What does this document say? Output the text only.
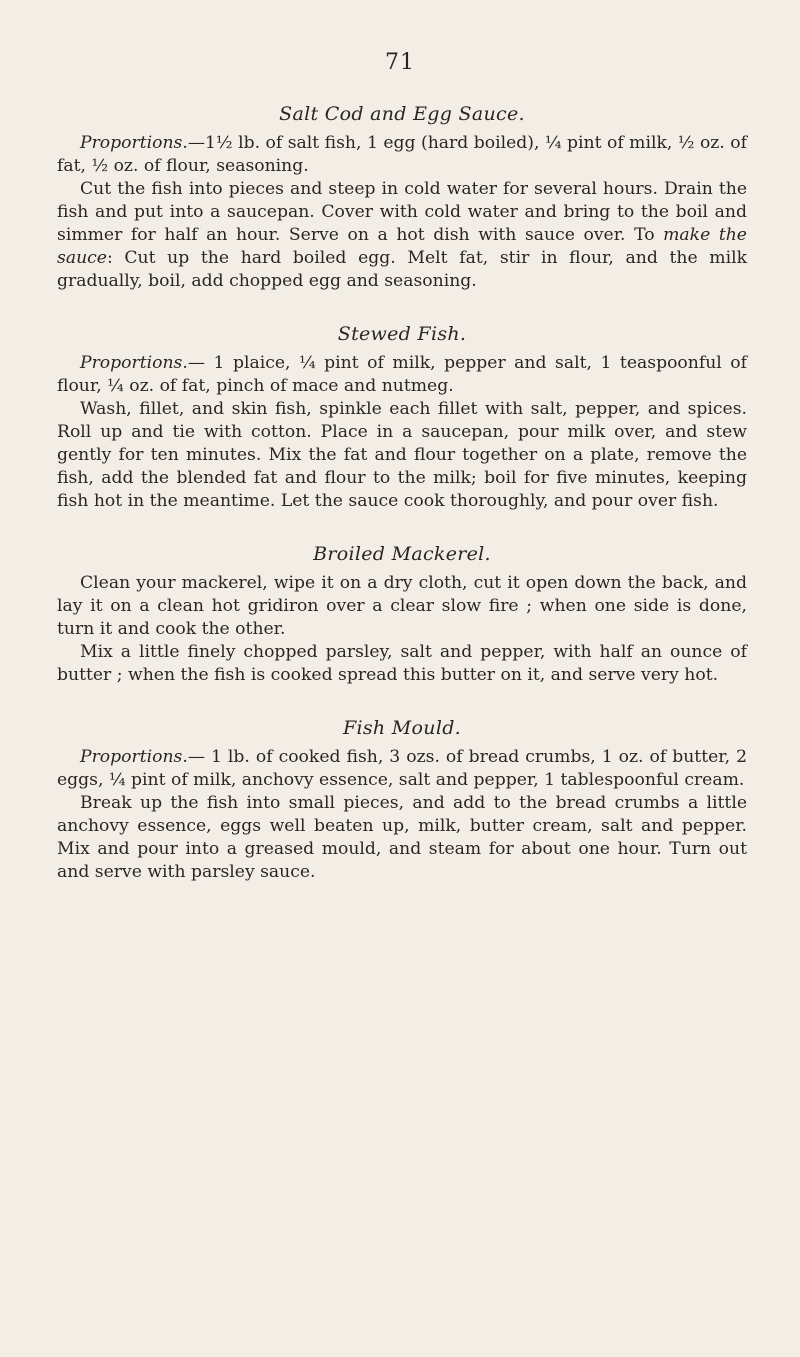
71
Salt Cod and Egg Sauce.

Proportions.—1½ lb. of salt fish, 1 egg (hard boiled), ¼ pint of milk, ½ oz. of fat, ½ oz. of flour, seasoning.

Cut the fish into pieces and steep in cold water for several hours. Drain the fish and put into a saucepan. Cover with cold water and bring to the boil and simmer for half an hour. Serve on a hot dish with sauce over. To make the sauce: Cut up the hard boiled egg. Melt fat, stir in flour, and the milk gradually, boil, add chopped egg and seasoning.

Stewed Fish.

Proportions.— 1 plaice, ¼ pint of milk, pepper and salt, 1 teaspoonful of flour, ¼ oz. of fat, pinch of mace and nutmeg.

Wash, fillet, and skin fish, spinkle each fillet with salt, pepper, and spices. Roll up and tie with cotton. Place in a saucepan, pour milk over, and stew gently for ten minutes. Mix the fat and flour together on a plate, remove the fish, add the blended fat and flour to the milk; boil for five minutes, keeping fish hot in the meantime. Let the sauce cook thoroughly, and pour over fish.

Broiled Mackerel.

Clean your mackerel, wipe it on a dry cloth, cut it open down the back, and lay it on a clean hot gridiron over a clear slow fire ; when one side is done, turn it and cook the other.

Mix a little finely chopped parsley, salt and pepper, with half an ounce of butter ; when the fish is cooked spread this butter on it, and serve very hot.

Fish Mould.

Proportions.— 1 lb. of cooked fish, 3 ozs. of bread crumbs, 1 oz. of butter, 2 eggs, ¼ pint of milk, anchovy essence, salt and pepper, 1 tablespoonful cream.

Break up the fish into small pieces, and add to the bread crumbs a little anchovy essence, eggs well beaten up, milk, butter cream, salt and pepper. Mix and pour into a greased mould, and steam for about one hour. Turn out and serve with parsley sauce.
